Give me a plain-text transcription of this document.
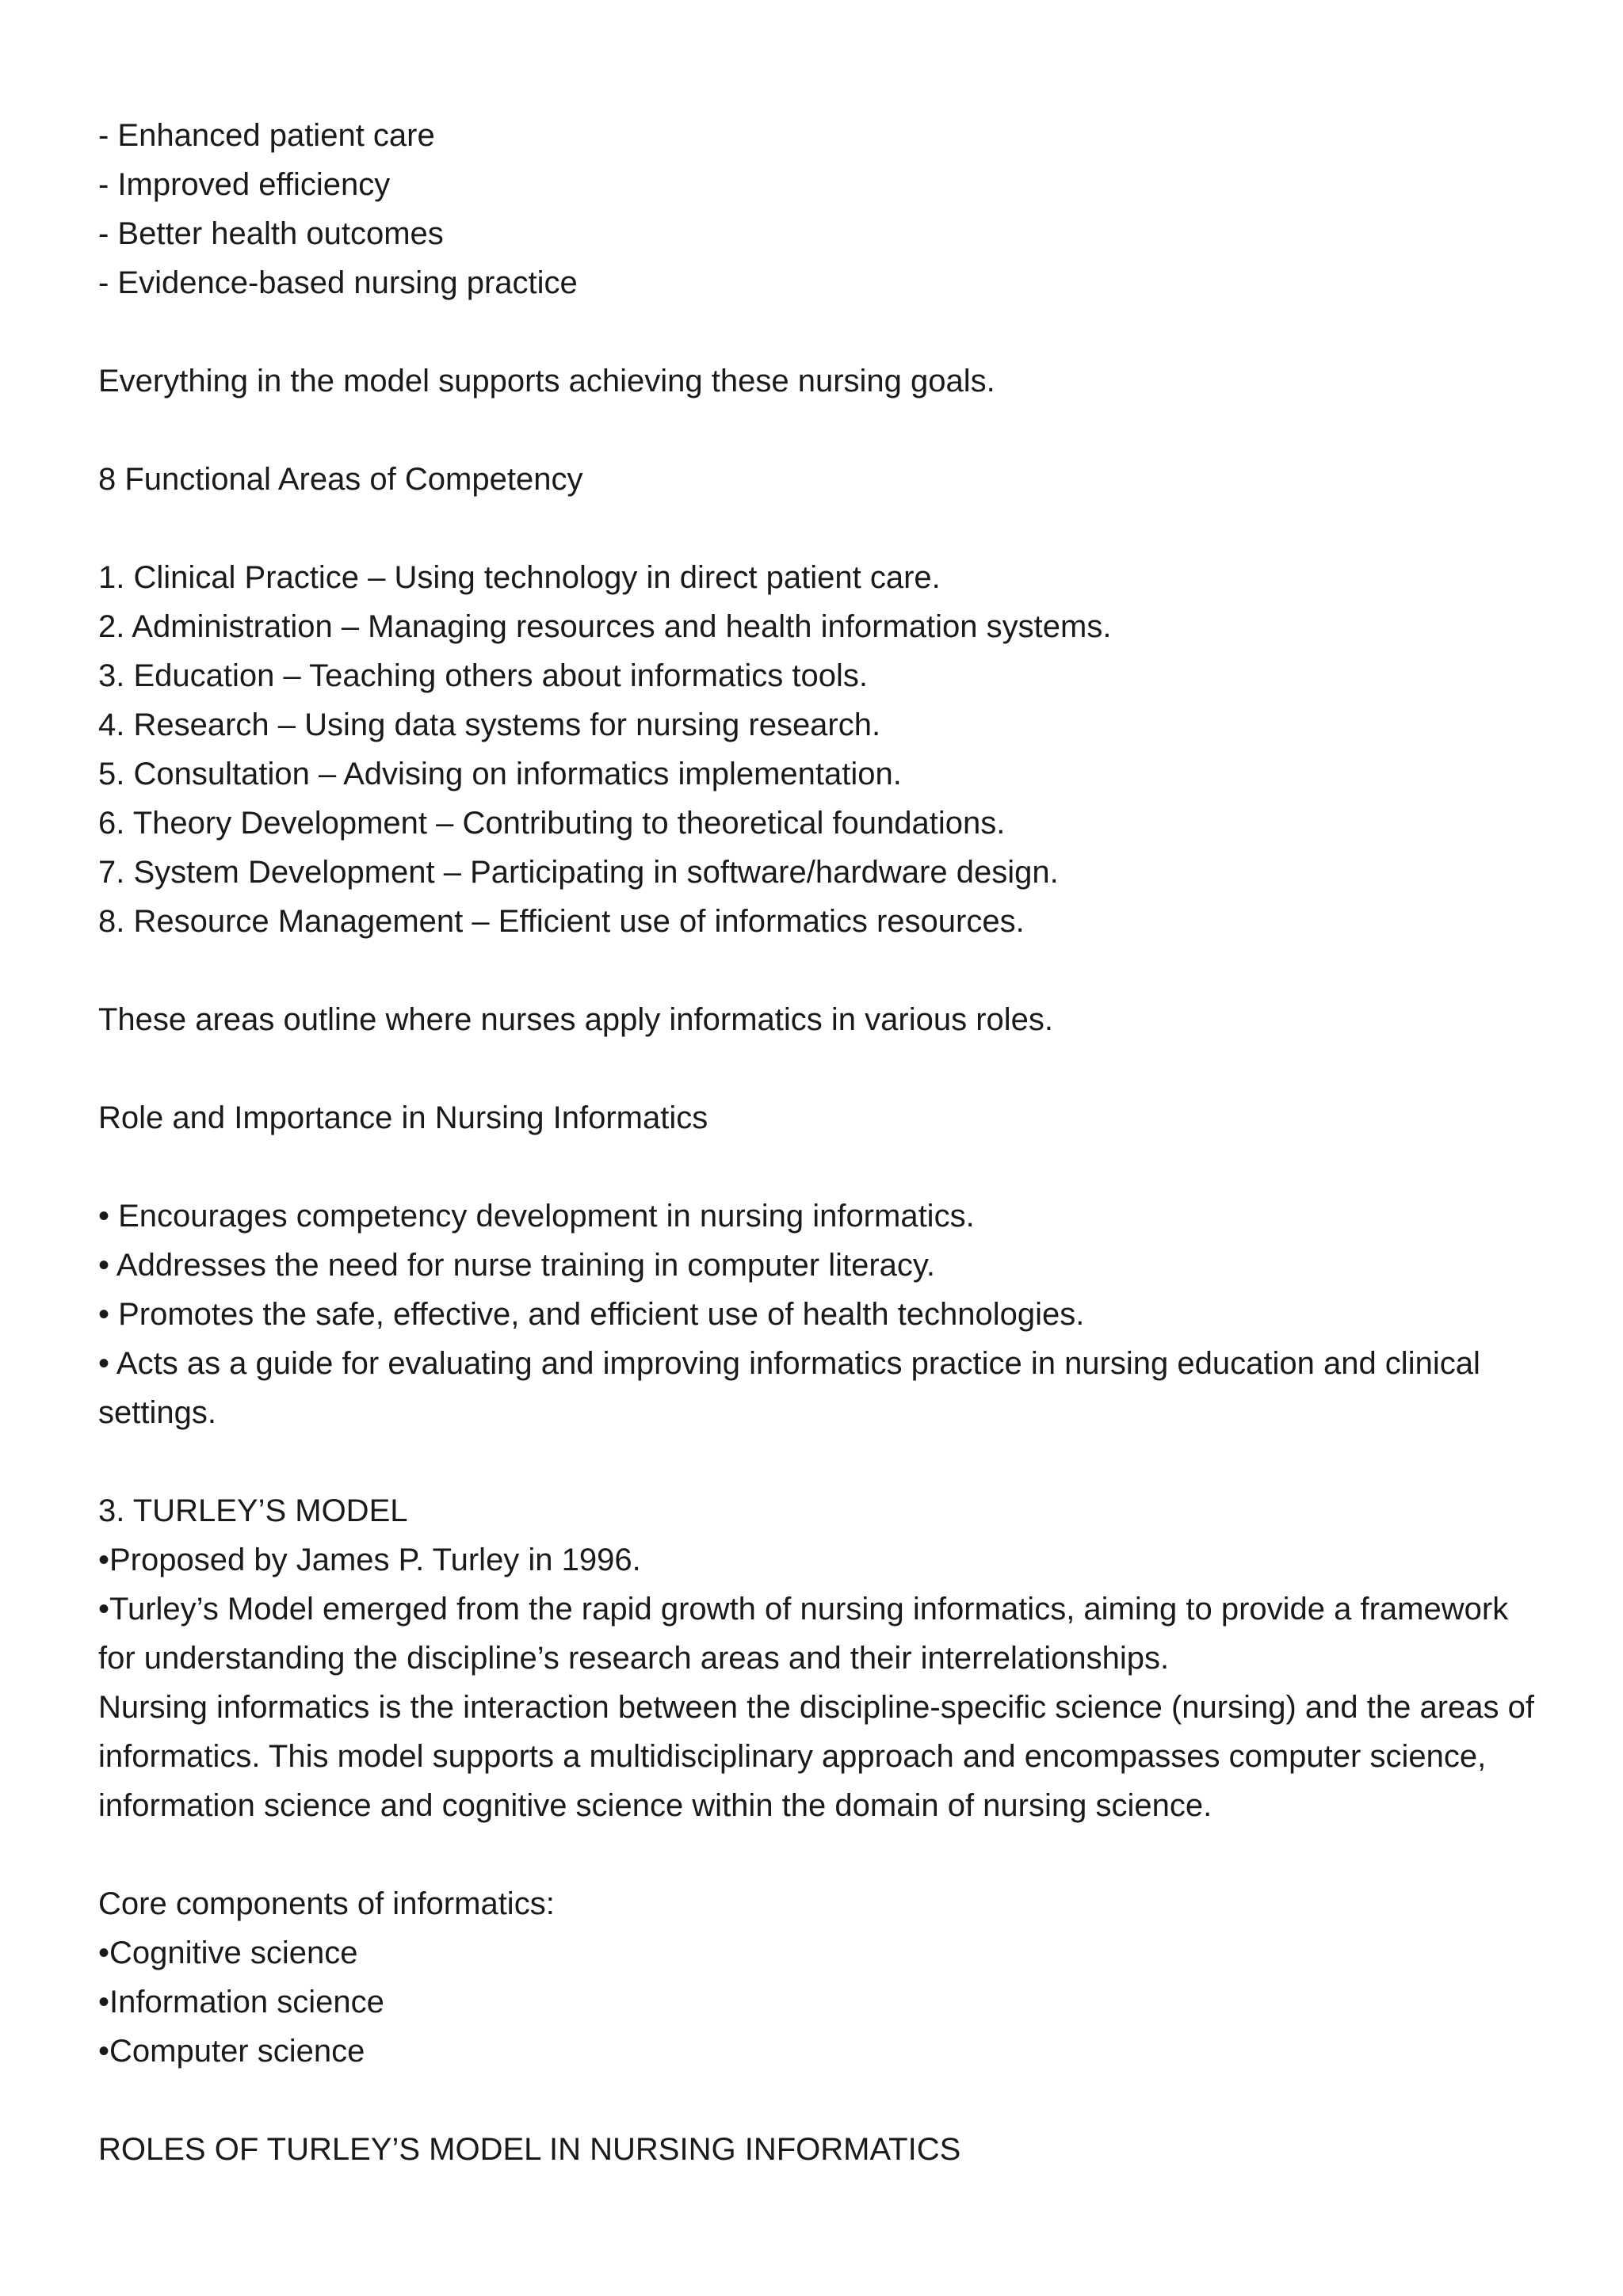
- Enhanced patient care
- Improved efficiency
- Better health outcomes
- Evidence-based nursing practice
Everything in the model supports achieving these nursing goals.
8 Functional Areas of Competency
1. Clinical Practice – Using technology in direct patient care.
2. Administration – Managing resources and health information systems.
3. Education – Teaching others about informatics tools.
4. Research – Using data systems for nursing research.
5. Consultation – Advising on informatics implementation.
6. Theory Development – Contributing to theoretical foundations.
7. System Development – Participating in software/hardware design.
8. Resource Management – Efficient use of informatics resources.
These areas outline where nurses apply informatics in various roles.
Role and Importance in Nursing Informatics
• Encourages competency development in nursing informatics.
• Addresses the need for nurse training in computer literacy.
• Promotes the safe, effective, and efficient use of health technologies.
• Acts as a guide for evaluating and improving informatics practice in nursing education and clinical settings.
3. TURLEY’S MODEL
•Proposed by James P. Turley in 1996.
•Turley’s Model emerged from the rapid growth of nursing informatics, aiming to provide a framework for understanding the discipline’s research areas and their interrelationships.
Nursing informatics is the interaction between the discipline-specific science (nursing) and the areas of informatics. This model supports a multidisciplinary approach and encompasses computer science, information science and cognitive science within the domain of nursing science.
Core components of informatics:
•Cognitive science
•Information science
•Computer science
ROLES OF TURLEY’S MODEL IN NURSING INFORMATICS
